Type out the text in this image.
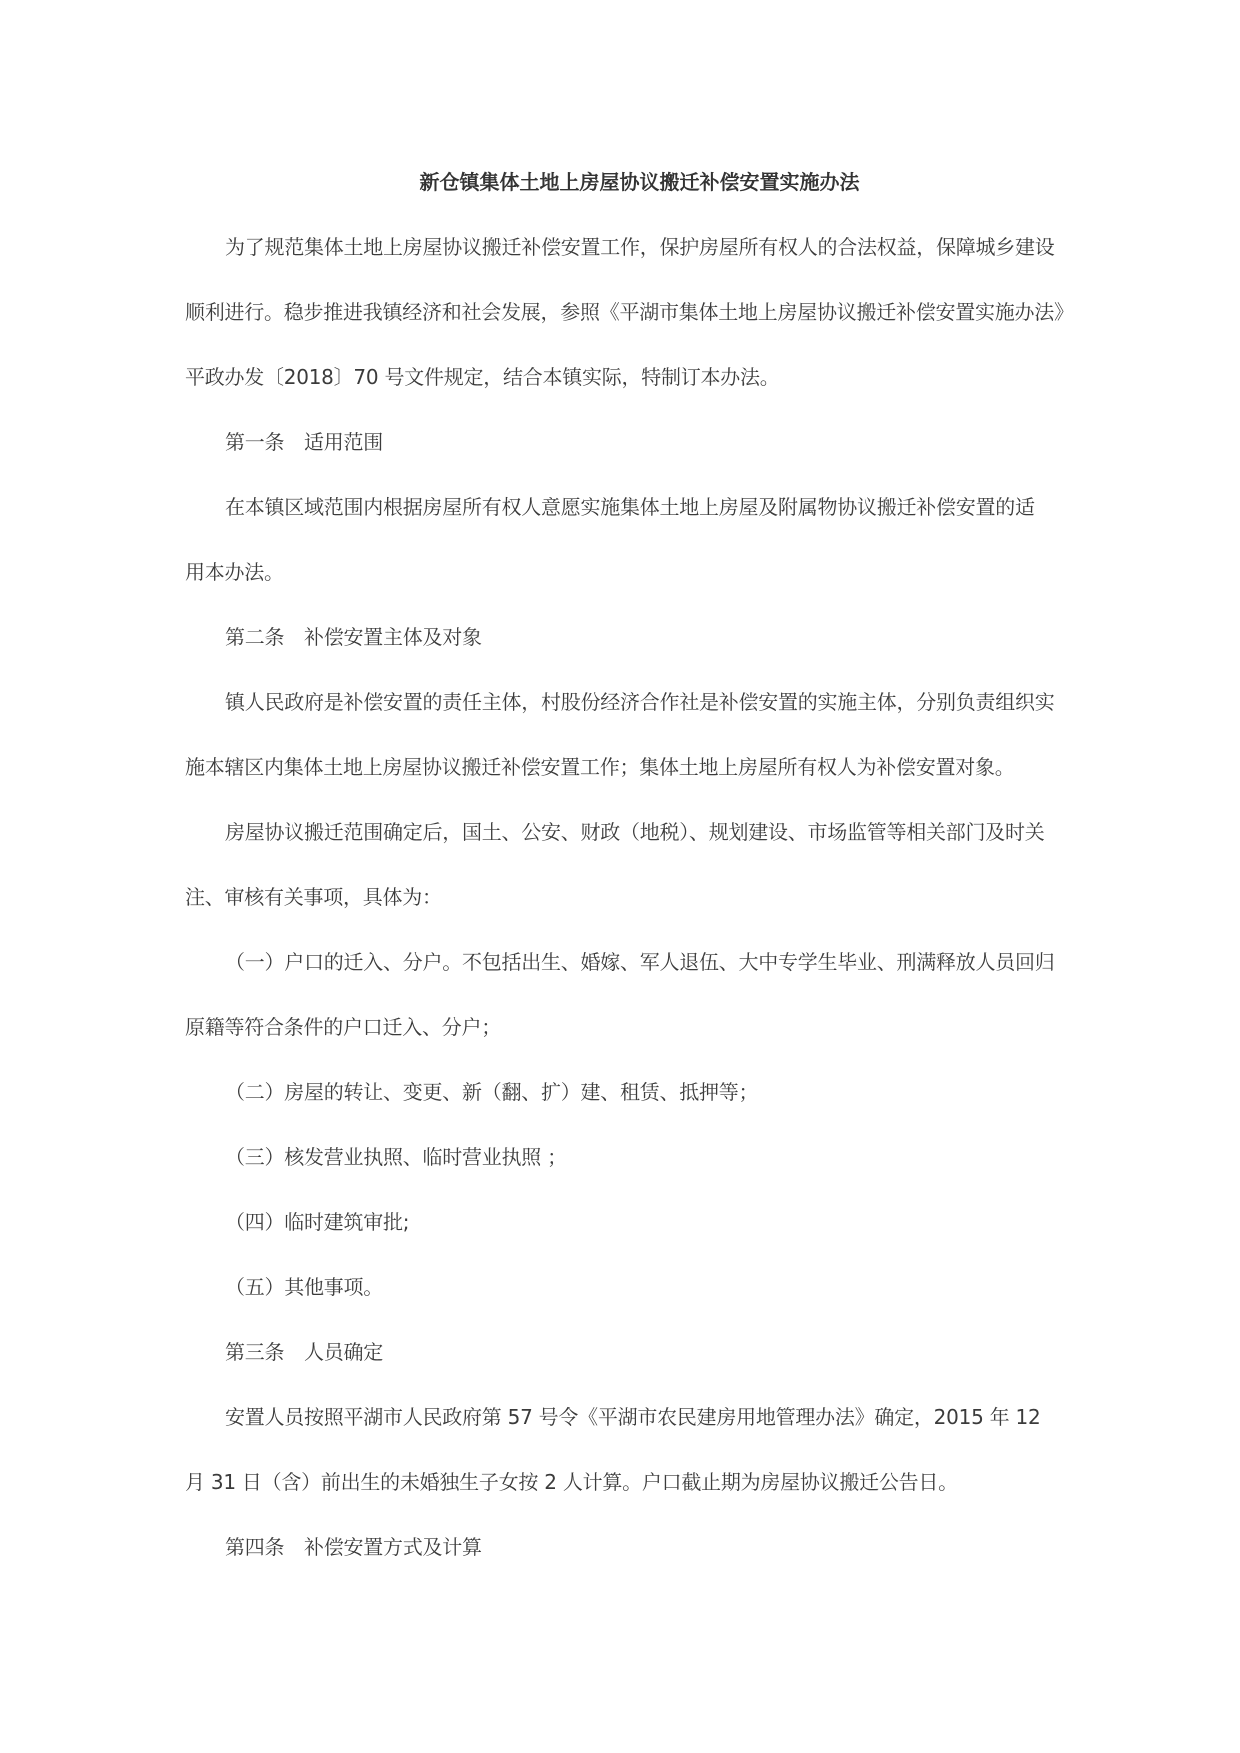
新仓镇集体土地上房屋协议搬迁补偿安置实施办法
为了规范集体土地上房屋协议搬迁补偿安置工作，保护房屋所有权人的合法权益，保障城乡建设
顺利进行。稳步推进我镇经济和社会发展，参照《平湖市集体土地上房屋协议搬迁补偿安置实施办法》
平政办发〔2018〕70 号文件规定，结合本镇实际，特制订本办法。
第一条　适用范围
在本镇区域范围内根据房屋所有权人意愿实施集体土地上房屋及附属物协议搬迁补偿安置的适
用本办法。
第二条　补偿安置主体及对象
镇人民政府是补偿安置的责任主体，村股份经济合作社是补偿安置的实施主体，分别负责组织实
施本辖区内集体土地上房屋协议搬迁补偿安置工作；集体土地上房屋所有权人为补偿安置对象。
房屋协议搬迁范围确定后，国土、公安、财政（地税）、规划建设、市场监管等相关部门及时关
注、审核有关事项，具体为：
（一）户口的迁入、分户。不包括出生、婚嫁、军人退伍、大中专学生毕业、刑满释放人员回归
原籍等符合条件的户口迁入、分户；
（二）房屋的转让、变更、新（翻、扩）建、租赁、抵押等；
（三）核发营业执照、临时营业执照 ；
（四）临时建筑审批;
（五）其他事项。
第三条　人员确定
安置人员按照平湖市人民政府第 57 号令《平湖市农民建房用地管理办法》确定，2015 年 12
月 31 日（含）前出生的未婚独生子女按 2 人计算。户口截止期为房屋协议搬迁公告日。
第四条　补偿安置方式及计算
